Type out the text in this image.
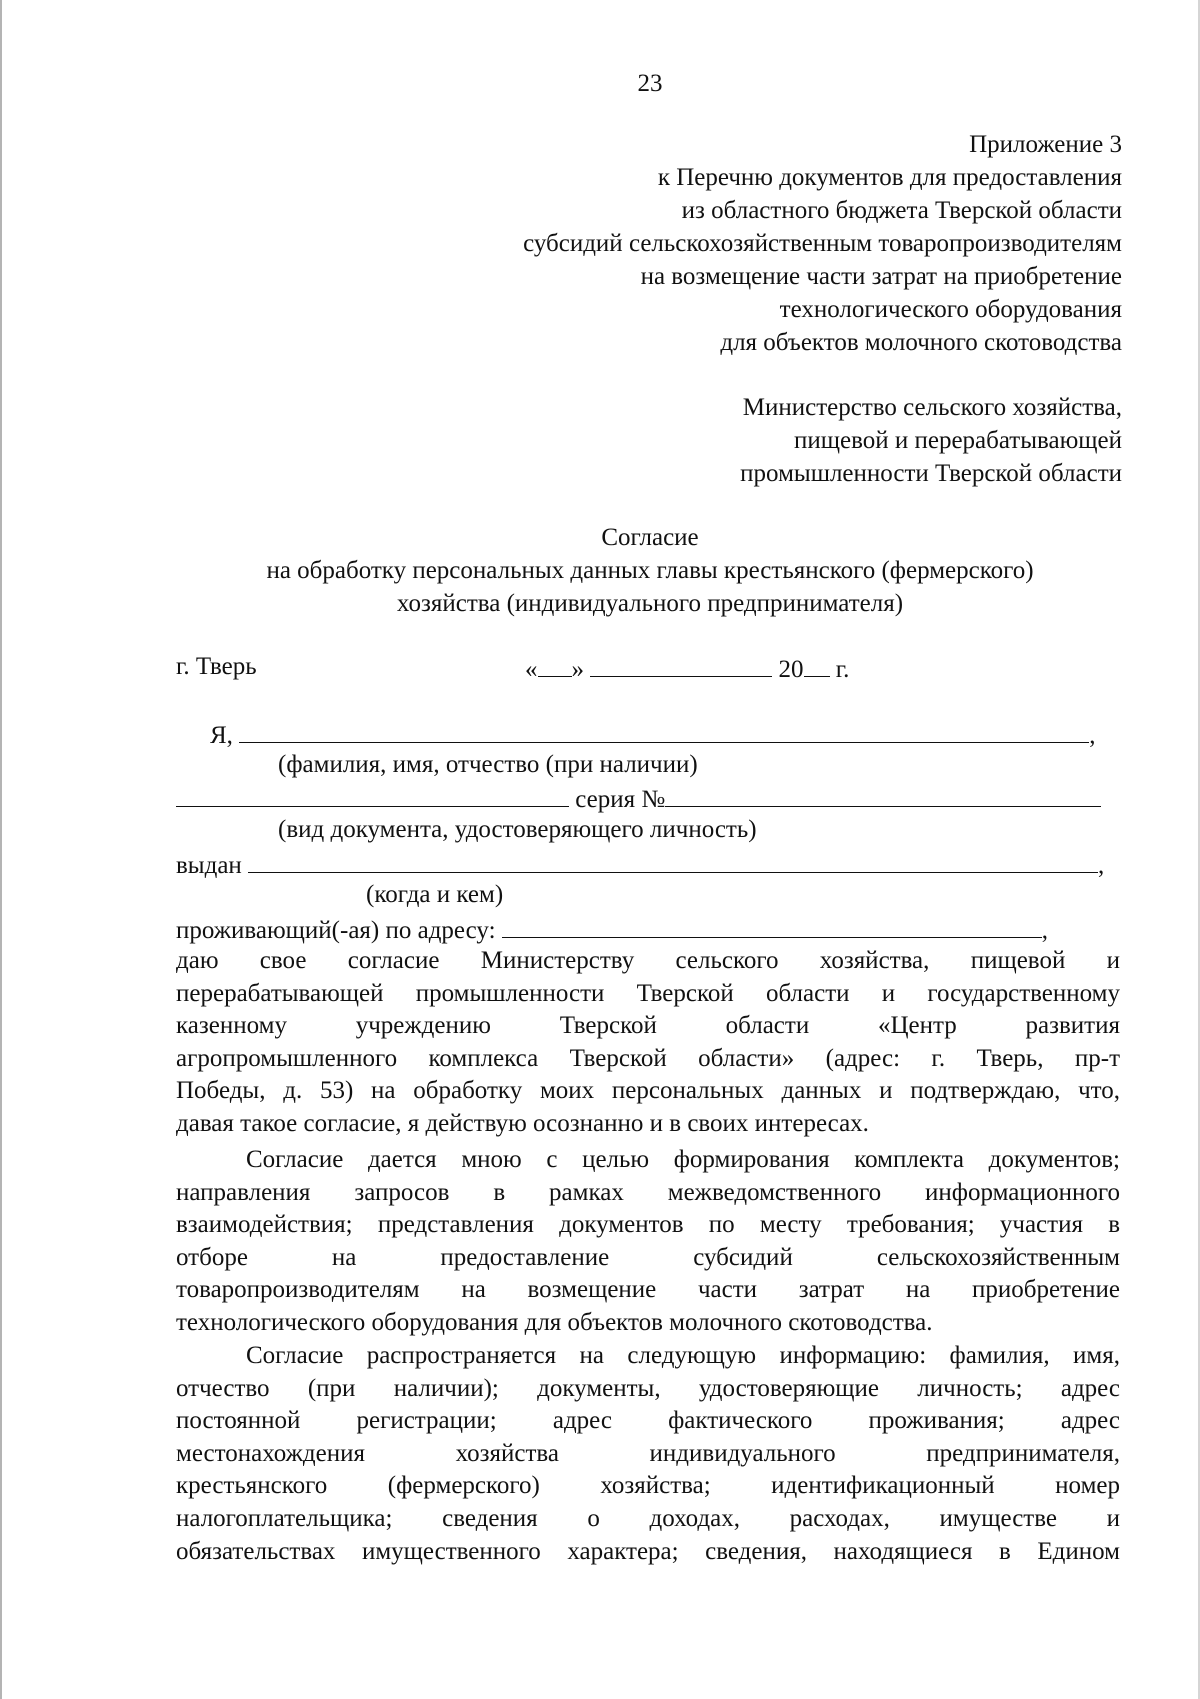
23
Приложение 3
к Перечню документов для предоставления
из областного бюджета Тверской области
субсидий сельскохозяйственным товаропроизводителям
на возмещение части затрат на приобретение
технологического оборудования
для объектов молочного скотоводства
Министерство сельского хозяйства,
пищевой и перерабатывающей
промышленности Тверской области
Согласие
на обработку персональных данных главы крестьянского (фермерского)
хозяйства (индивидуального предпринимателя)
г. Тверь	« »	20 г.
Я,	,
(фамилия, имя, отчество (при наличии)
серия №
(вид документа, удостоверяющего личность)
выдан	,
(когда и кем)
проживающий(-ая) по адресу:	,
даю свое согласие Министерству сельского хозяйства, пищевой и
перерабатывающей промышленности Тверской области и государственному
казенному учреждению Тверской области «Центр развития
агропромышленного комплекса Тверской области» (адрес: г. Тверь, пр-т
Победы, д. 53) на обработку моих персональных данных и подтверждаю, что,
давая такое согласие, я действую осознанно и в своих интересах.
Согласие дается мною с целью формирования комплекта документов;
направления запросов в рамках межведомственного информационного
взаимодействия; представления документов по месту требования; участия в
отборе на предоставление субсидий сельскохозяйственным
товаропроизводителям на возмещение части затрат на приобретение
технологического оборудования для объектов молочного скотоводства.
Согласие распространяется на следующую информацию: фамилия, имя,
отчество (при наличии); документы, удостоверяющие личность; адрес
постоянной регистрации; адрес фактического проживания; адрес
местонахождения хозяйства индивидуального предпринимателя,
крестьянского (фермерского) хозяйства; идентификационный номер
налогоплательщика; сведения о доходах, расходах, имуществе и
обязательствах имущественного характера; сведения, находящиеся в Едином
